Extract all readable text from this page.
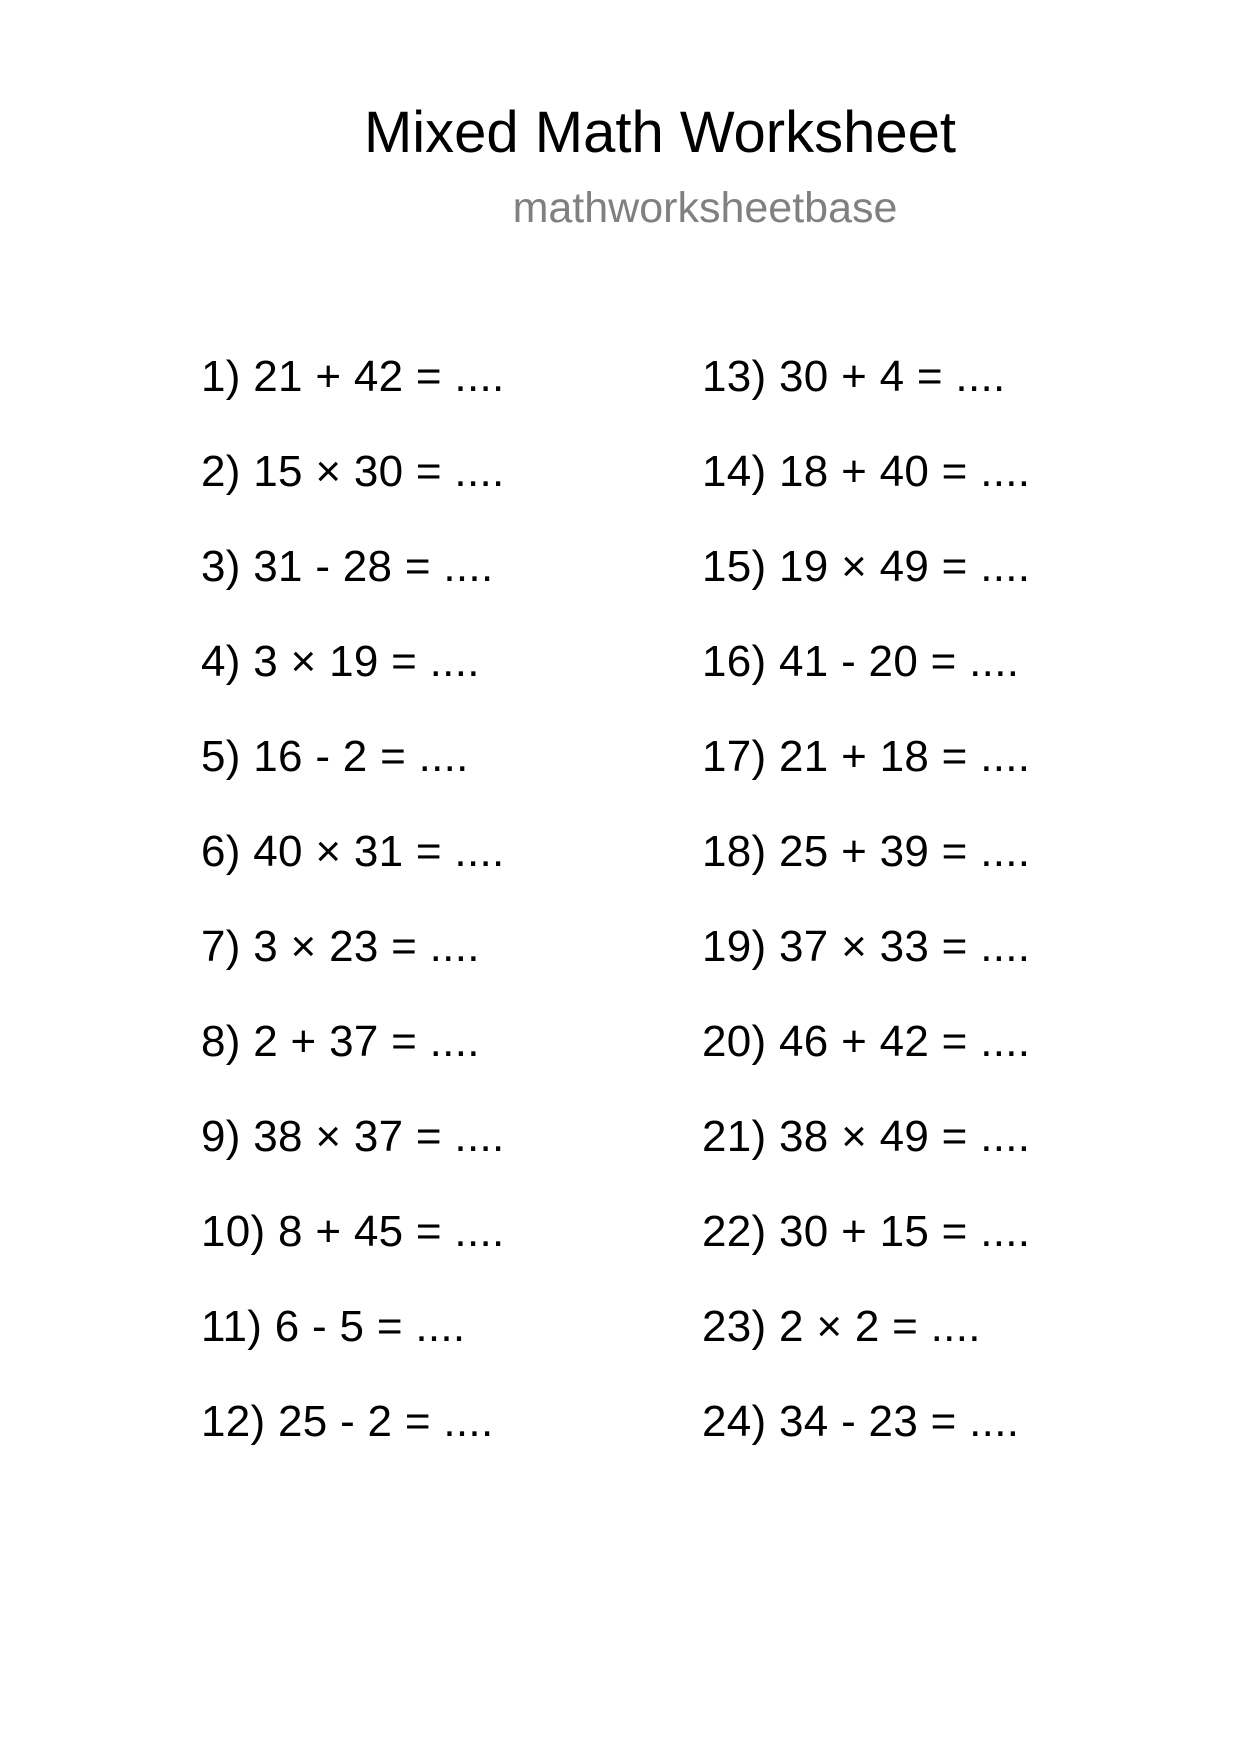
Mixed Math Worksheet
mathworksheetbase
1) 21 + 42 = ....
2) 15 × 30 = ....
3) 31 - 28 = ....
4) 3 × 19 = ....
5) 16 - 2 = ....
6) 40 × 31 = ....
7) 3 × 23 = ....
8) 2 + 37 = ....
9) 38 × 37 = ....
10) 8 + 45 = ....
11) 6 - 5 = ....
12) 25 - 2 = ....
13) 30 + 4 = ....
14) 18 + 40 = ....
15) 19 × 49 = ....
16) 41 - 20 = ....
17) 21 + 18 = ....
18) 25 + 39 = ....
19) 37 × 33 = ....
20) 46 + 42 = ....
21) 38 × 49 = ....
22) 30 + 15 = ....
23) 2 × 2 = ....
24) 34 - 23 = ....
